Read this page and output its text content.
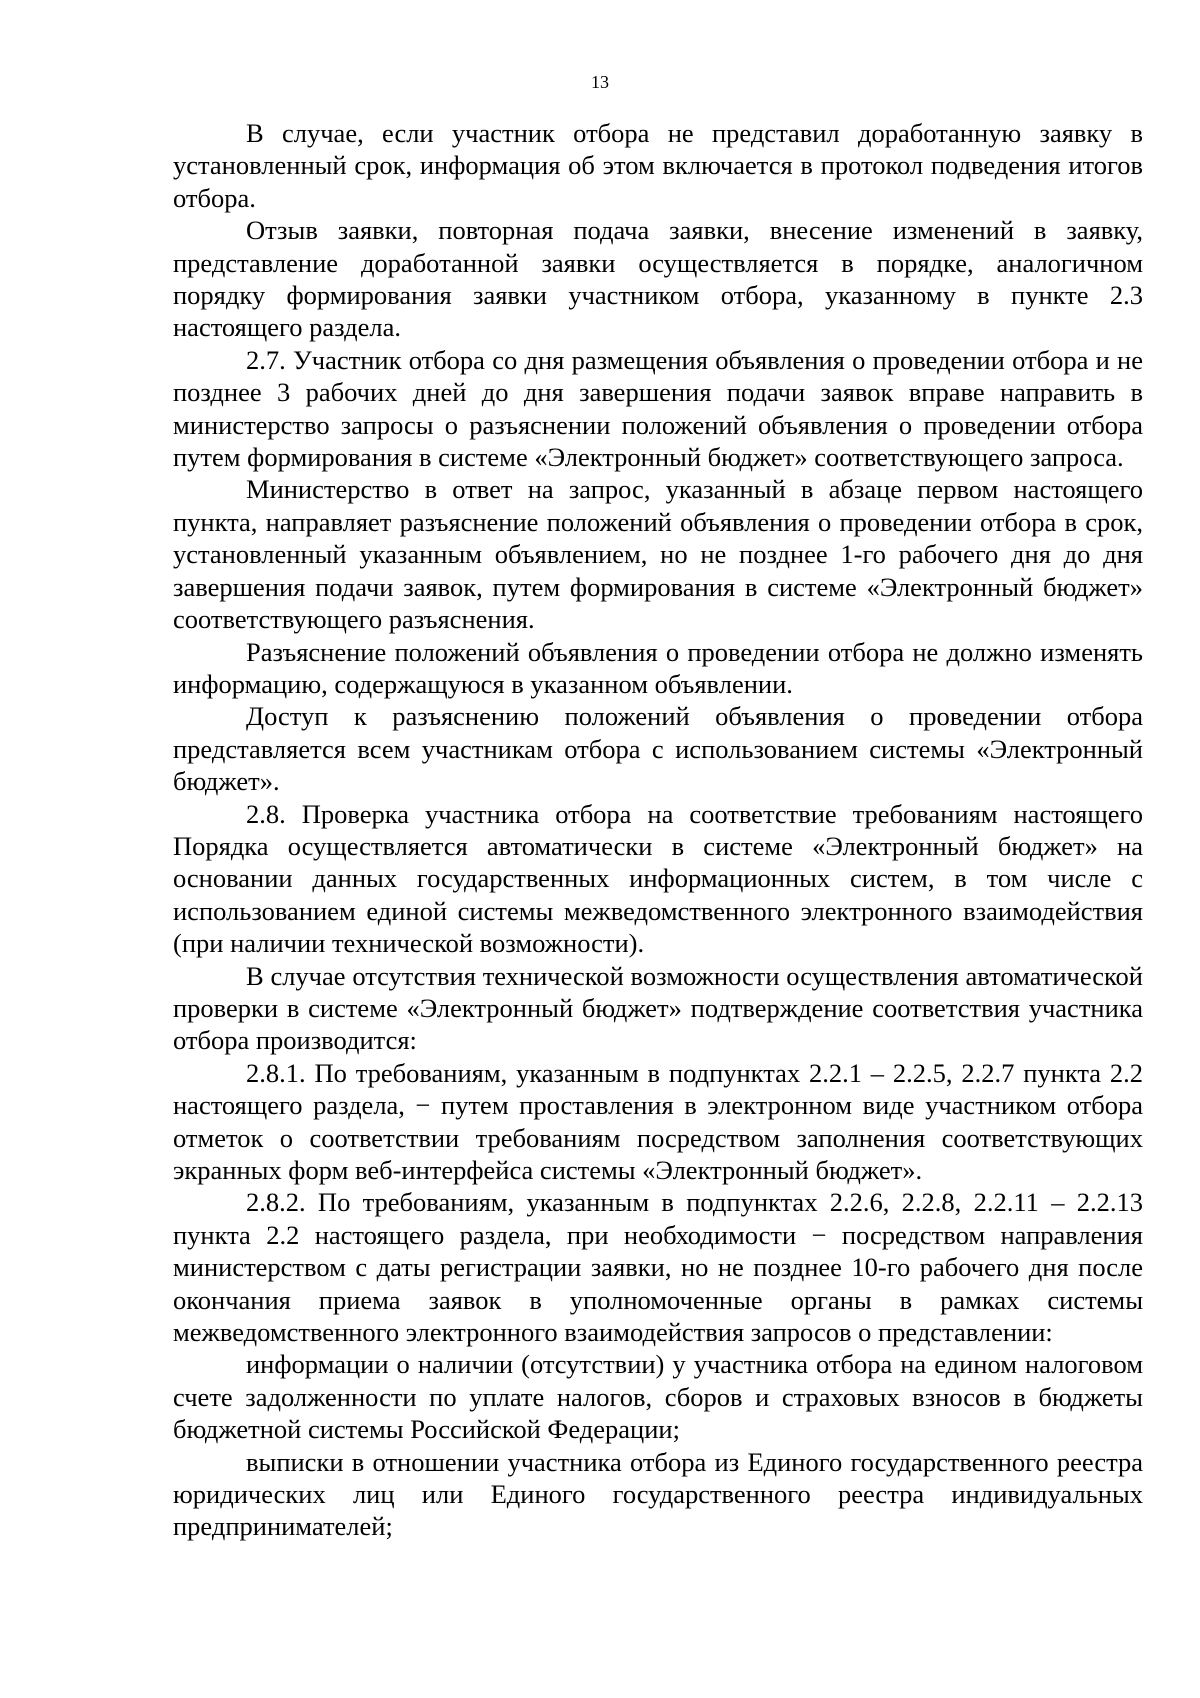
13

В случае, если участник отбора не представил доработанную заявку в установленный срок, информация об этом включается в протокол подведения итогов отбора.

Отзыв заявки, повторная подача заявки, внесение изменений в заявку, представление доработанной заявки осуществляется в порядке, аналогичном порядку формирования заявки участником отбора, указанному в пункте 2.3 настоящего раздела.

2.7. Участник отбора со дня размещения объявления о проведении отбора и не позднее 3 рабочих дней до дня завершения подачи заявок вправе направить в министерство запросы о разъяснении положений объявления о проведении отбора путем формирования в системе «Электронный бюджет» соответствующего запроса.

Министерство в ответ на запрос, указанный в абзаце первом настоящего пункта, направляет разъяснение положений объявления о проведении отбора в срок, установленный указанным объявлением, но не позднее 1-го рабочего дня до дня завершения подачи заявок, путем формирования в системе «Электронный бюджет» соответствующего разъяснения.

Разъяснение положений объявления о проведении отбора не должно изменять информацию, содержащуюся в указанном объявлении.

Доступ к разъяснению положений объявления о проведении отбора представляется всем участникам отбора с использованием системы «Электронный бюджет».

2.8. Проверка участника отбора на соответствие требованиям настоящего Порядка осуществляется автоматически в системе «Электронный бюджет» на основании данных государственных информационных систем, в том числе с использованием единой системы межведомственного электронного взаимодействия (при наличии технической возможности).

В случае отсутствия технической возможности осуществления автоматической проверки в системе «Электронный бюджет» подтверждение соответствия участника отбора производится:

2.8.1. По требованиям, указанным в подпунктах 2.2.1 – 2.2.5, 2.2.7 пункта 2.2 настоящего раздела, − путем проставления в электронном виде участником отбора отметок о соответствии требованиям посредством заполнения соответствующих экранных форм веб-интерфейса системы «Электронный бюджет».

2.8.2. По требованиям, указанным в подпунктах 2.2.6, 2.2.8, 2.2.11 – 2.2.13 пункта 2.2 настоящего раздела, при необходимости − посредством направления министерством с даты регистрации заявки, но не позднее 10-го рабочего дня после окончания приема заявок в уполномоченные органы в рамках системы межведомственного электронного взаимодействия запросов о представлении:

информации о наличии (отсутствии) у участника отбора на едином налоговом счете задолженности по уплате налогов, сборов и страховых взносов в бюджеты бюджетной системы Российской Федерации;

выписки в отношении участника отбора из Единого государственного реестра юридических лиц или Единого государственного реестра индивидуальных предпринимателей;
